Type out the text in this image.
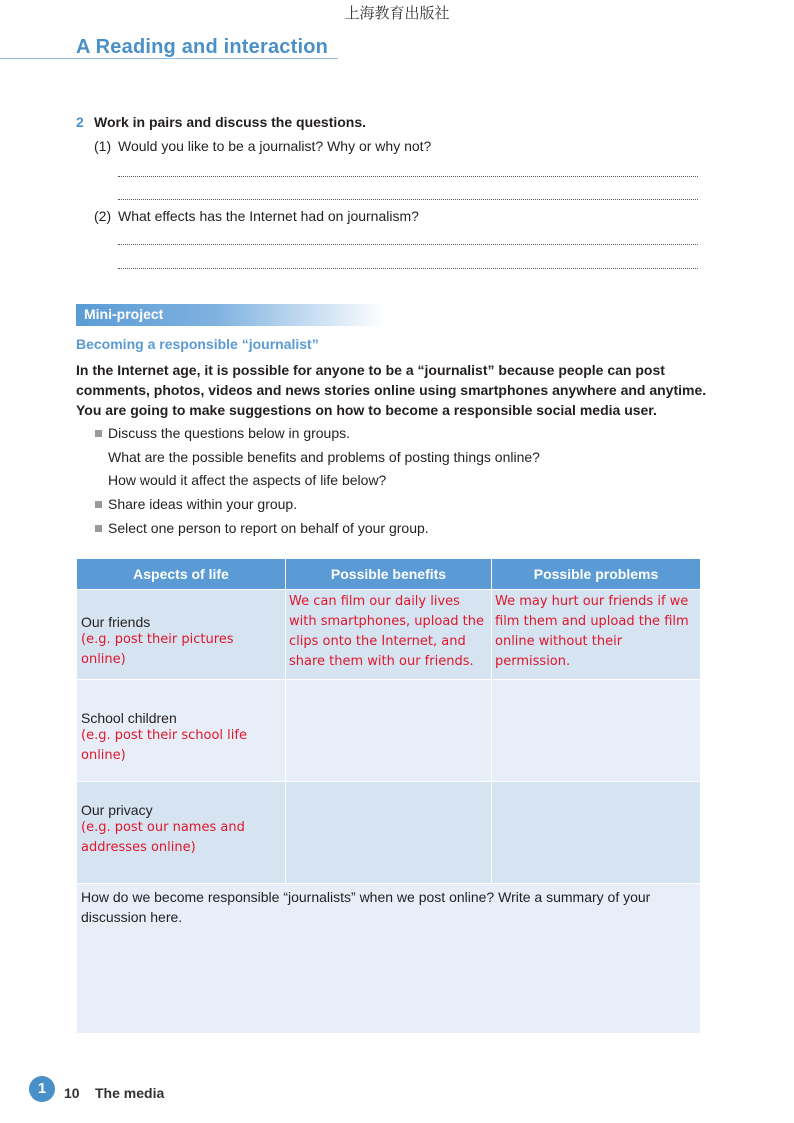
上海教育出版社
A Reading and interaction
2 Work in pairs and discuss the questions.
(1) Would you like to be a journalist? Why or why not?
(2) What effects has the Internet had on journalism?
Mini-project
Becoming a responsible “journalist”
In the Internet age, it is possible for anyone to be a “journalist” because people can post comments, photos, videos and news stories online using smartphones anywhere and anytime. You are going to make suggestions on how to become a responsible social media user.
Discuss the questions below in groups.
What are the possible benefits and problems of posting things online?
How would it affect the aspects of life below?
Share ideas within your group.
Select one person to report on behalf of your group.
Aspects of life	Possible benefits	Possible problems

Our friends
(e.g. post their pictures online)	We can film our daily lives with smartphones, upload the clips onto the Internet, and share them with our friends.	We may hurt our friends if we film them and upload the film online without their permission.

School children
(e.g. post their school life online)		

Our privacy
(e.g. post our names and addresses online)		

How do we become responsible “journalists” when we post online? Write a summary of your discussion here.		
1	10 The media
